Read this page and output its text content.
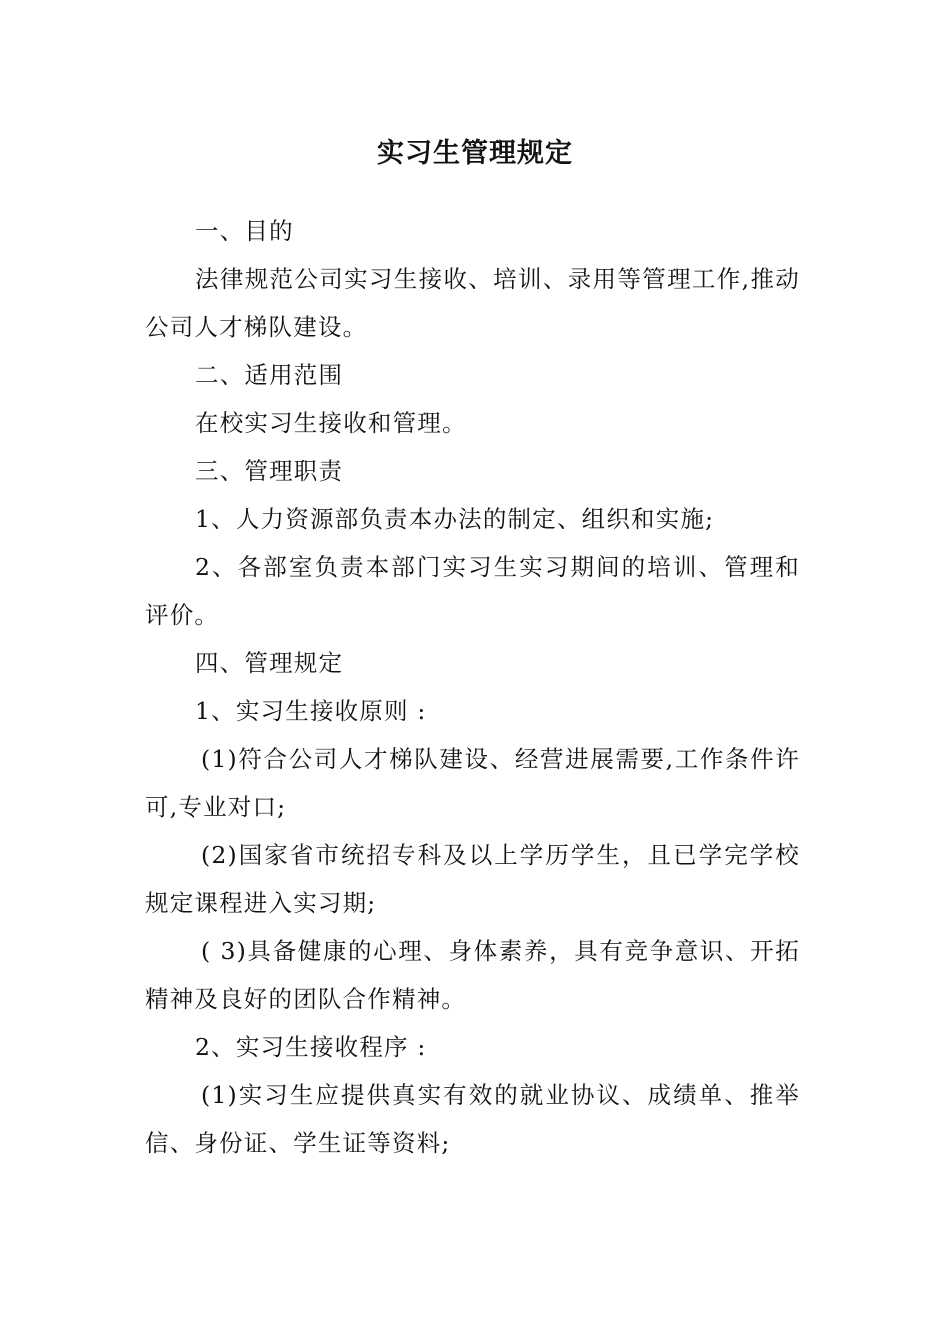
实习生管理规定

一、目的

法律规范公司实习生接收、培训、录用等管理工作,推动公司人才梯队建设。

二、适用范围

在校实习生接收和管理。

三、管理职责

1、人力资源部负责本办法的制定、组织和实施;

2、各部室负责本部门实习生实习期间的培训、管理和评价。

四、管理规定

1、实习生接收原则 :

(1)符合公司人才梯队建设、经营进展需要,工作条件许可,专业对口;

(2)国家省市统招专科及以上学历学生，且已学完学校规定课程进入实习期;

( 3)具备健康的心理、身体素养，具有竞争意识、开拓精神及良好的团队合作精神。

2、实习生接收程序 :

(1)实习生应提供真实有效的就业协议、成绩单、推举信、身份证、学生证等资料;
